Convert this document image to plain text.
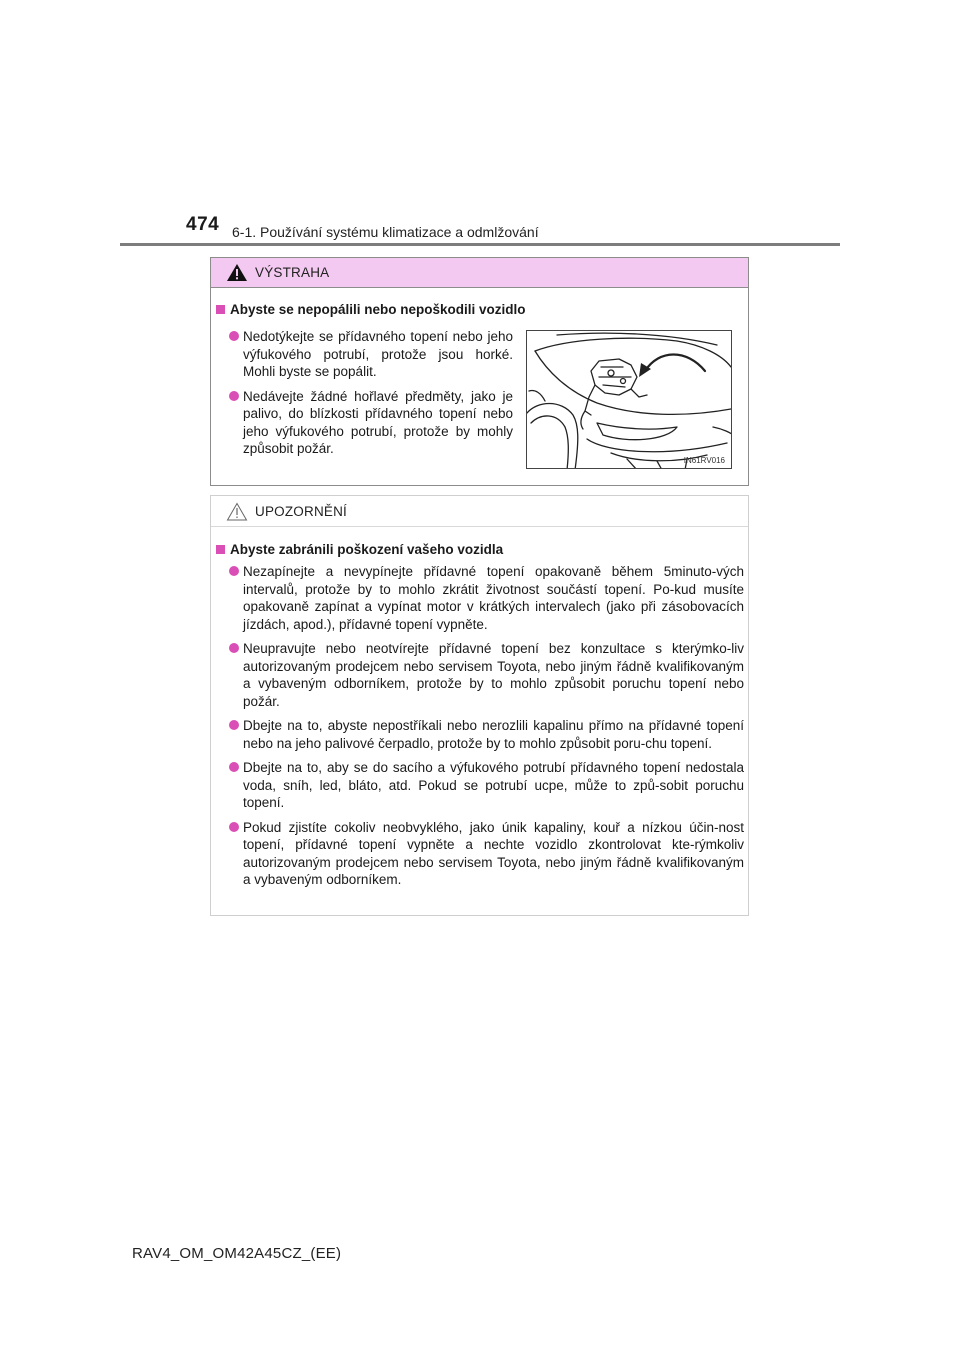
474 6-1. Používání systému klimatizace a odmlžování
VÝSTRAHA
Abyste se nepopálili nebo nepoškodili vozidlo
Nedotýkejte se přídavného topení nebo jeho výfukového potrubí, protože jsou horké. Mohli byste se popálit.
Nedávejte žádné hořlavé předměty, jako je palivo, do blízkosti přídavného topení nebo jeho výfukového potrubí, protože by mohly způsobit požár.
IN61RV016
UPOZORNĚNÍ
Abyste zabránili poškození vašeho vozidla
Nezapínejte a nevypínejte přídavné topení opakovaně během 5minuto-vých intervalů, protože by to mohlo zkrátit životnost součástí topení. Po-kud musíte opakovaně zapínat a vypínat motor v krátkých intervalech (jako při zásobovacích jízdách, apod.), přídavné topení vypněte.
Neupravujte nebo neotvírejte přídavné topení bez konzultace s kterýmko-liv autorizovaným prodejcem nebo servisem Toyota, nebo jiným řádně kvalifikovaným a vybaveným odborníkem, protože by to mohlo způsobit poruchu topení nebo požár.
Dbejte na to, abyste nepostříkali nebo nerozlili kapalinu přímo na přídavné topení nebo na jeho palivové čerpadlo, protože by to mohlo způsobit poru-chu topení.
Dbejte na to, aby se do sacího a výfukového potrubí přídavného topení nedostala voda, sníh, led, bláto, atd. Pokud se potrubí ucpe, může to způ-sobit poruchu topení.
Pokud zjistíte cokoliv neobvyklého, jako únik kapaliny, kouř a nízkou účin-nost topení, přídavné topení vypněte a nechte vozidlo zkontrolovat kte-rýmkoliv autorizovaným prodejcem nebo servisem Toyota, nebo jiným řádně kvalifikovaným a vybaveným odborníkem.
RAV4_OM_OM42A45CZ_(EE)
